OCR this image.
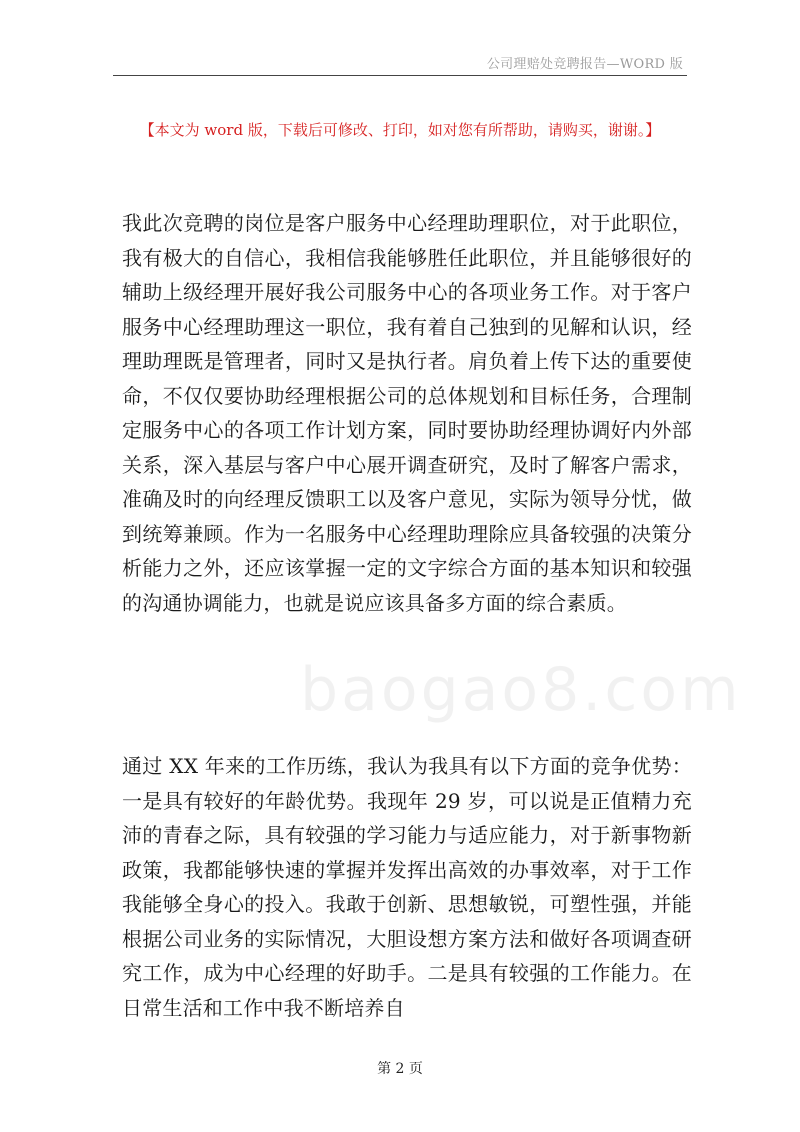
公司理赔处竞聘报告—WORD 版
【本文为 word 版，下载后可修改、打印，如对您有所帮助，请购买，谢谢。】
baogao8.com
我此次竞聘的岗位是客户服务中心经理助理职位，对于此职位，我有极大的自信心，我相信我能够胜任此职位，并且能够很好的辅助上级经理开展好我公司服务中心的各项业务工作。对于客户服务中心经理助理这一职位，我有着自己独到的见解和认识，经理助理既是管理者，同时又是执行者。肩负着上传下达的重要使命，不仅仅要协助经理根据公司的总体规划和目标任务，合理制定服务中心的各项工作计划方案，同时要协助经理协调好内外部关系，深入基层与客户中心展开调查研究，及时了解客户需求，准确及时的向经理反馈职工以及客户意见，实际为领导分忧，做到统筹兼顾。作为一名服务中心经理助理除应具备较强的决策分析能力之外，还应该掌握一定的文字综合方面的基本知识和较强的沟通协调能力，也就是说应该具备多方面的综合素质。
通过 XX 年来的工作历练，我认为我具有以下方面的竞争优势：一是具有较好的年龄优势。我现年 29 岁，可以说是正值精力充沛的青春之际，具有较强的学习能力与适应能力，对于新事物新政策，我都能够快速的掌握并发挥出高效的办事效率，对于工作我能够全身心的投入。我敢于创新、思想敏锐，可塑性强，并能根据公司业务的实际情况，大胆设想方案方法和做好各项调查研究工作，成为中心经理的好助手。二是具有较强的工作能力。在日常生活和工作中我不断培养自
第 2 页
